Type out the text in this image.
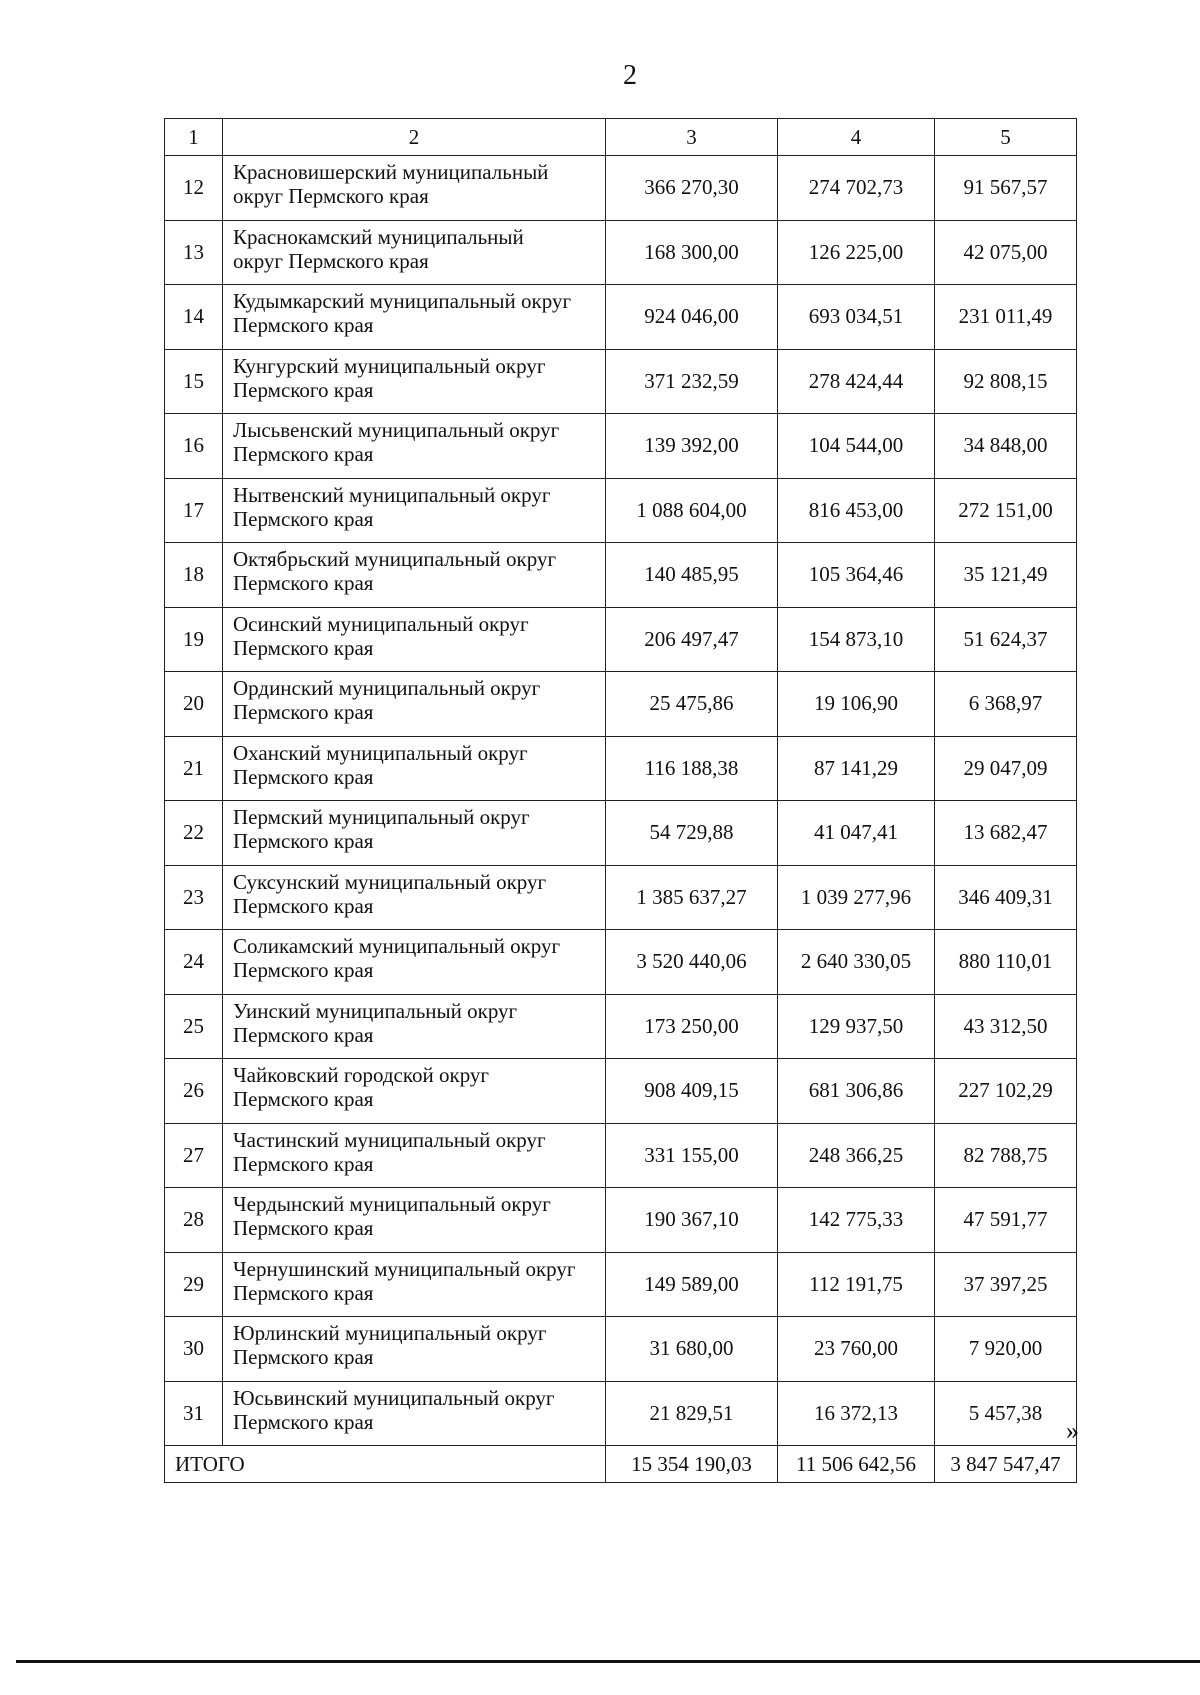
2
1	2	3	4	5
12	Красновишерский муниципальный
округ Пермского края	366 270,30	274 702,73	91 567,57
13	Краснокамский муниципальный
округ Пермского края	168 300,00	126 225,00	42 075,00
14	Кудымкарский муниципальный округ
Пермского края	924 046,00	693 034,51	231 011,49
15	Кунгурский муниципальный округ
Пермского края	371 232,59	278 424,44	92 808,15
16	Лысьвенский муниципальный округ
Пермского края	139 392,00	104 544,00	34 848,00
17	Нытвенский муниципальный округ
Пермского края	1 088 604,00	816 453,00	272 151,00
18	Октябрьский муниципальный округ
Пермского края	140 485,95	105 364,46	35 121,49
19	Осинский муниципальный округ
Пермского края	206 497,47	154 873,10	51 624,37
20	Ординский муниципальный округ
Пермского края	25 475,86	19 106,90	6 368,97
21	Оханский муниципальный округ
Пермского края	116 188,38	87 141,29	29 047,09
22	Пермский муниципальный округ
Пермского края	54 729,88	41 047,41	13 682,47
23	Суксунский муниципальный округ
Пермского края	1 385 637,27	1 039 277,96	346 409,31
24	Соликамский муниципальный округ
Пермского края	3 520 440,06	2 640 330,05	880 110,01
25	Уинский муниципальный округ
Пермского края	173 250,00	129 937,50	43 312,50
26	Чайковский городской округ
Пермского края	908 409,15	681 306,86	227 102,29
27	Частинский муниципальный округ
Пермского края	331 155,00	248 366,25	82 788,75
28	Чердынский муниципальный округ
Пермского края	190 367,10	142 775,33	47 591,77
29	Чернушинский муниципальный округ
Пермского края	149 589,00	112 191,75	37 397,25
30	Юрлинский муниципальный округ
Пермского края	31 680,00	23 760,00	7 920,00
31	Юсьвинский муниципальный округ
Пермского края	21 829,51	16 372,13	5 457,38
ИТОГО		15 354 190,03	11 506 642,56	3 847 547,47
»
